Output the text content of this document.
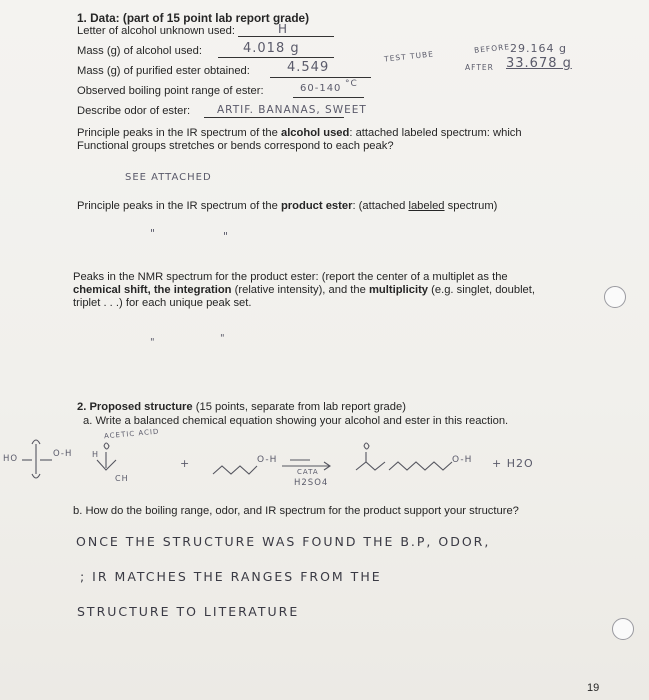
1. Data: (part of 15 point lab report grade)
Letter of alcohol unknown used:	H
Mass (g) of alcohol used:	4.018 g
Mass (g) of purified ester obtained:	4.549
Observed boiling point range of ester:	60-140 °C
Describe odor of ester:	ARTIF. BANANAS, SWEET
TEST TUBE
BEFORE 29.164 g
AFTER 33.678 g
Principle peaks in the IR spectrum of the alcohol used: attached labeled spectrum: which
Functional groups stretches or bends correspond to each peak?
SEE ATTACHED
Principle peaks in the IR spectrum of the product ester: (attached labeled spectrum)
"	"
Peaks in the NMR spectrum for the product ester: (report the center of a multiplet as the
chemical shift, the integration (relative intensity), and the multiplicity (e.g. singlet, doublet,
triplet . . .) for each unique peak set.
"	"
2. Proposed structure (15 points, separate from lab report grade)
a. Write a balanced chemical equation showing your alcohol and ester in this reaction.
ACETIC ACID
HO	O-H H
CH
+	O-H
CATA
H2SO4
O-H + H2O
b. How do the boiling range, odor, and IR spectrum for the product support your structure?
ONCE THE STRUCTURE WAS FOUND THE B.P, ODOR,
; IR MATCHES THE RANGES FROM THE
STRUCTURE TO LITERATURE
19
